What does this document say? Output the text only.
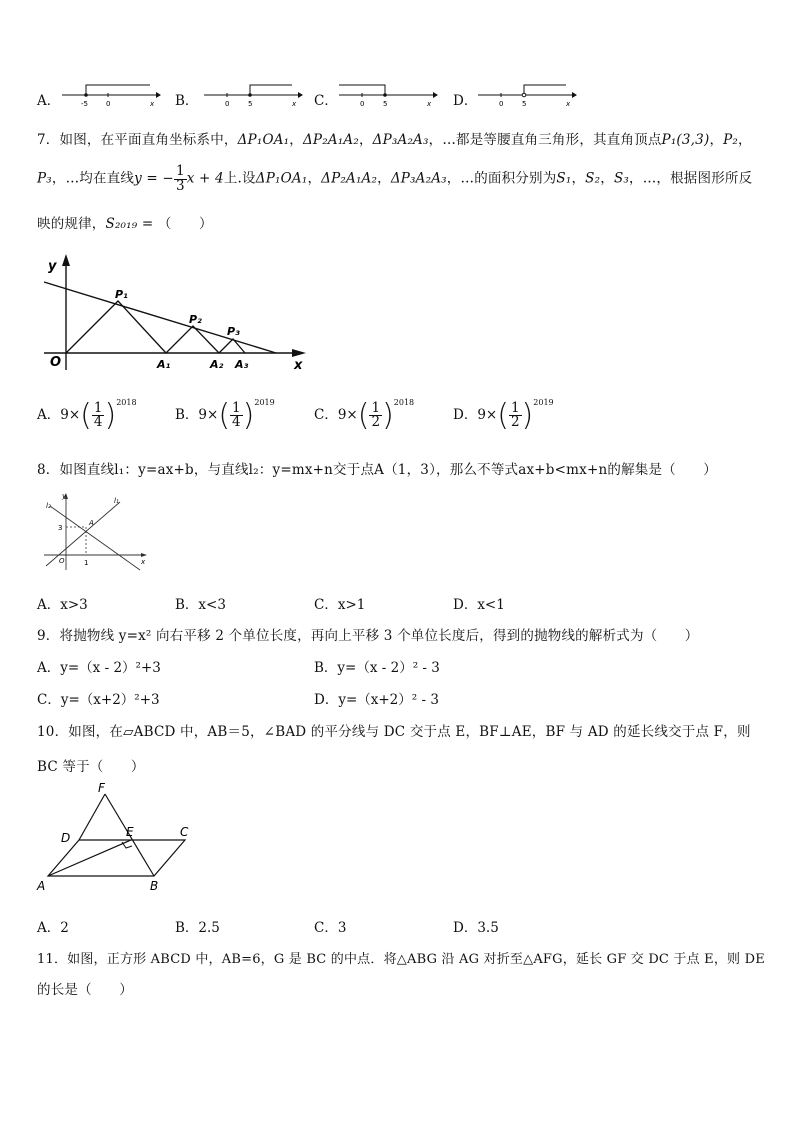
A．	-5	0	x B．	0	5	x C．	0	5	x D．	0	5	x
7．如图，在平面直角坐标系中，ΔP₁OA₁，ΔP₂A₁A₂，ΔP₃A₂A₃，…都是等腰直角三角形，其直角顶点P₁(3,3)，P₂，
P₃，…均在直线y = − $\frac{1}{3}$ x + 4上.设ΔP₁OA₁，ΔP₂A₁A₂，ΔP₃A₂A₃，…的面积分别为S₁，S₂，S₃，…，根据图形所反
映的规律，S₂₀₁₉ = （　　）
y
x
O
P₁
P₂
P₃
A₁	A₂ A₃
A．$9\times( \frac{1}{4} )^{2018}$
B．$9\times( \frac{1}{4} )^{2019}$
C．$9\times( \frac{1}{2} )^{2018}$
D．$9\times( \frac{1}{2} )^{2019}$
8．如图直线l₁：y=ax+b，与直线l₂：y=mx+n交于点A（1，3），那么不等式ax+b<mx+n的解集是（　　）
l₂
y
l₁
3
A
O	1	x
A．x>3	B．x<3	C．x>1	D．x<1
9．将抛物线 y=x² 向右平移 2 个单位长度，再向上平移 3 个单位长度后，得到的抛物线的解析式为（　　）
A．y=（x - 2）²+3	B．y=（x - 2）² - 3
C．y=（x+2）²+3	D．y=（x+2）² - 3
10．如图，在▱ABCD 中，AB＝5，∠BAD 的平分线与 DC 交于点 E，BF⊥AE，BF 与 AD 的延长线交于点 F，则
BC 等于（　　）
F
D	E	C
A	B
A．2	B．2.5	C．3	D．3.5
11．如图，正方形 ABCD 中，AB=6，G 是 BC 的中点．将△ABG 沿 AG 对折至△AFG，延长 GF 交 DC 于点 E，则 DE
的长是（　　）
